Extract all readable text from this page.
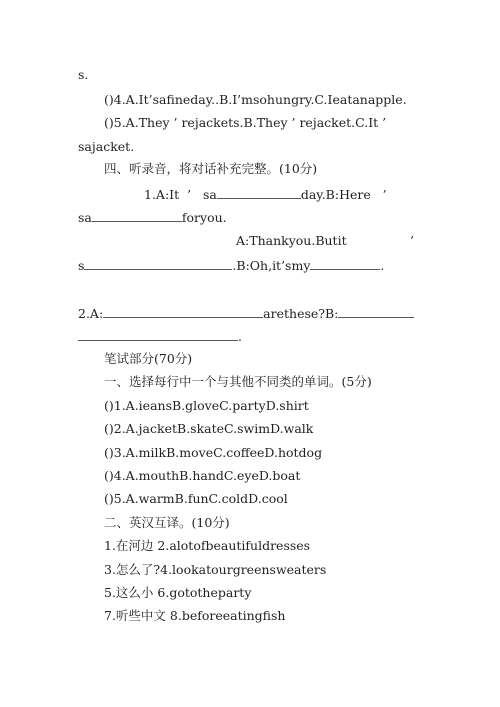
s.
()4.A.It’safineday..B.I’msohungry.C.Ieatanapple.
()5.A.They ’ rejackets.B.They ’ rejacket.C.It ’
sajacket.
四、听录音，将对话补充完整。(10分)
1.A:It  ’   sa	day.B:Here   ’
sa	foryou.
A:Thankyou.Butit	’
s	.B:Oh,it’smy	.
2.A:	arethese?B:
.
笔试部分(70分)
一、选择每行中一个与其他不同类的单词。(5分)
()1.A.ieansB.gloveC.partyD.shirt
()2.A.jacketB.skateC.swimD.walk
()3.A.milkB.moveC.coffeeD.hotdog
()4.A.mouthB.handC.eyeD.boat
()5.A.warmB.funC.coldD.cool
二、英汉互译。(10分)
1.在河边 2.alotofbeautifuldresses
3.怎么了?4.lookatourgreensweaters
5.这么小 6.gototheparty
7.听些中文 8.beforeeatingfish
